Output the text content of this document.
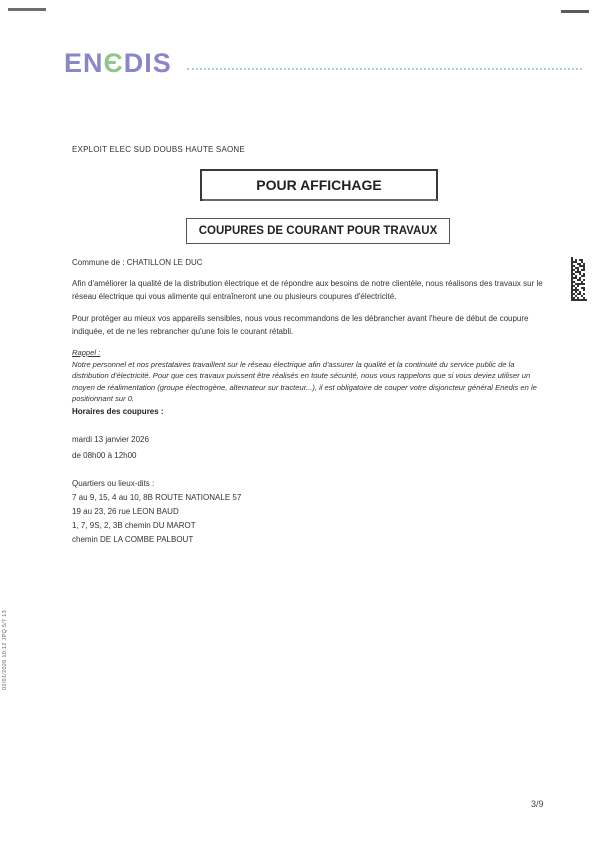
ENЄDIS
EXPLOIT ELEC SUD DOUBS HAUTE SAONE
POUR AFFICHAGE
COUPURES DE COURANT POUR TRAVAUX
Commune de : CHATILLON LE DUC

Afin d'améliorer la qualité de la distribution électrique et de répondre aux besoins de notre clientèle, nous réalisons des travaux sur le réseau électrique qui vous alimente qui entraîneront une ou plusieurs coupures d'électricité.

Pour protéger au mieux vos appareils sensibles, nous vous recommandons de les débrancher avant l'heure de début de coupure indiquée, et de ne les rebrancher qu'une fois le courant rétabli.

Rappel :
Notre personnel et nos prestataires travaillent sur le réseau électrique afin d'assurer la qualité et la continuité du service public de la distribution d'électricité. Pour que ces travaux puissent être réalisés en toute sécurité, nous vous rappelons que si vous deviez utiliser un moyen de réalimentation (groupe électrogène, alternateur sur tracteur...), il est obligatoire de couper votre disjoncteur général Enedis en le positionnant sur 0.
Horaires des coupures :
mardi 13 janvier 2026
de 08h00 à 12h00
Quartiers ou lieux-dits :
7 au 9, 15, 4 au 10, 8B ROUTE NATIONALE 57
19 au 23, 26 rue LEON BAUD
1, 7, 9S, 2, 3B chemin DU MAROT
chemin DE LA COMBE PALBOUT
02/01/2026 10:12 JPQ 5/7 13
3/9
